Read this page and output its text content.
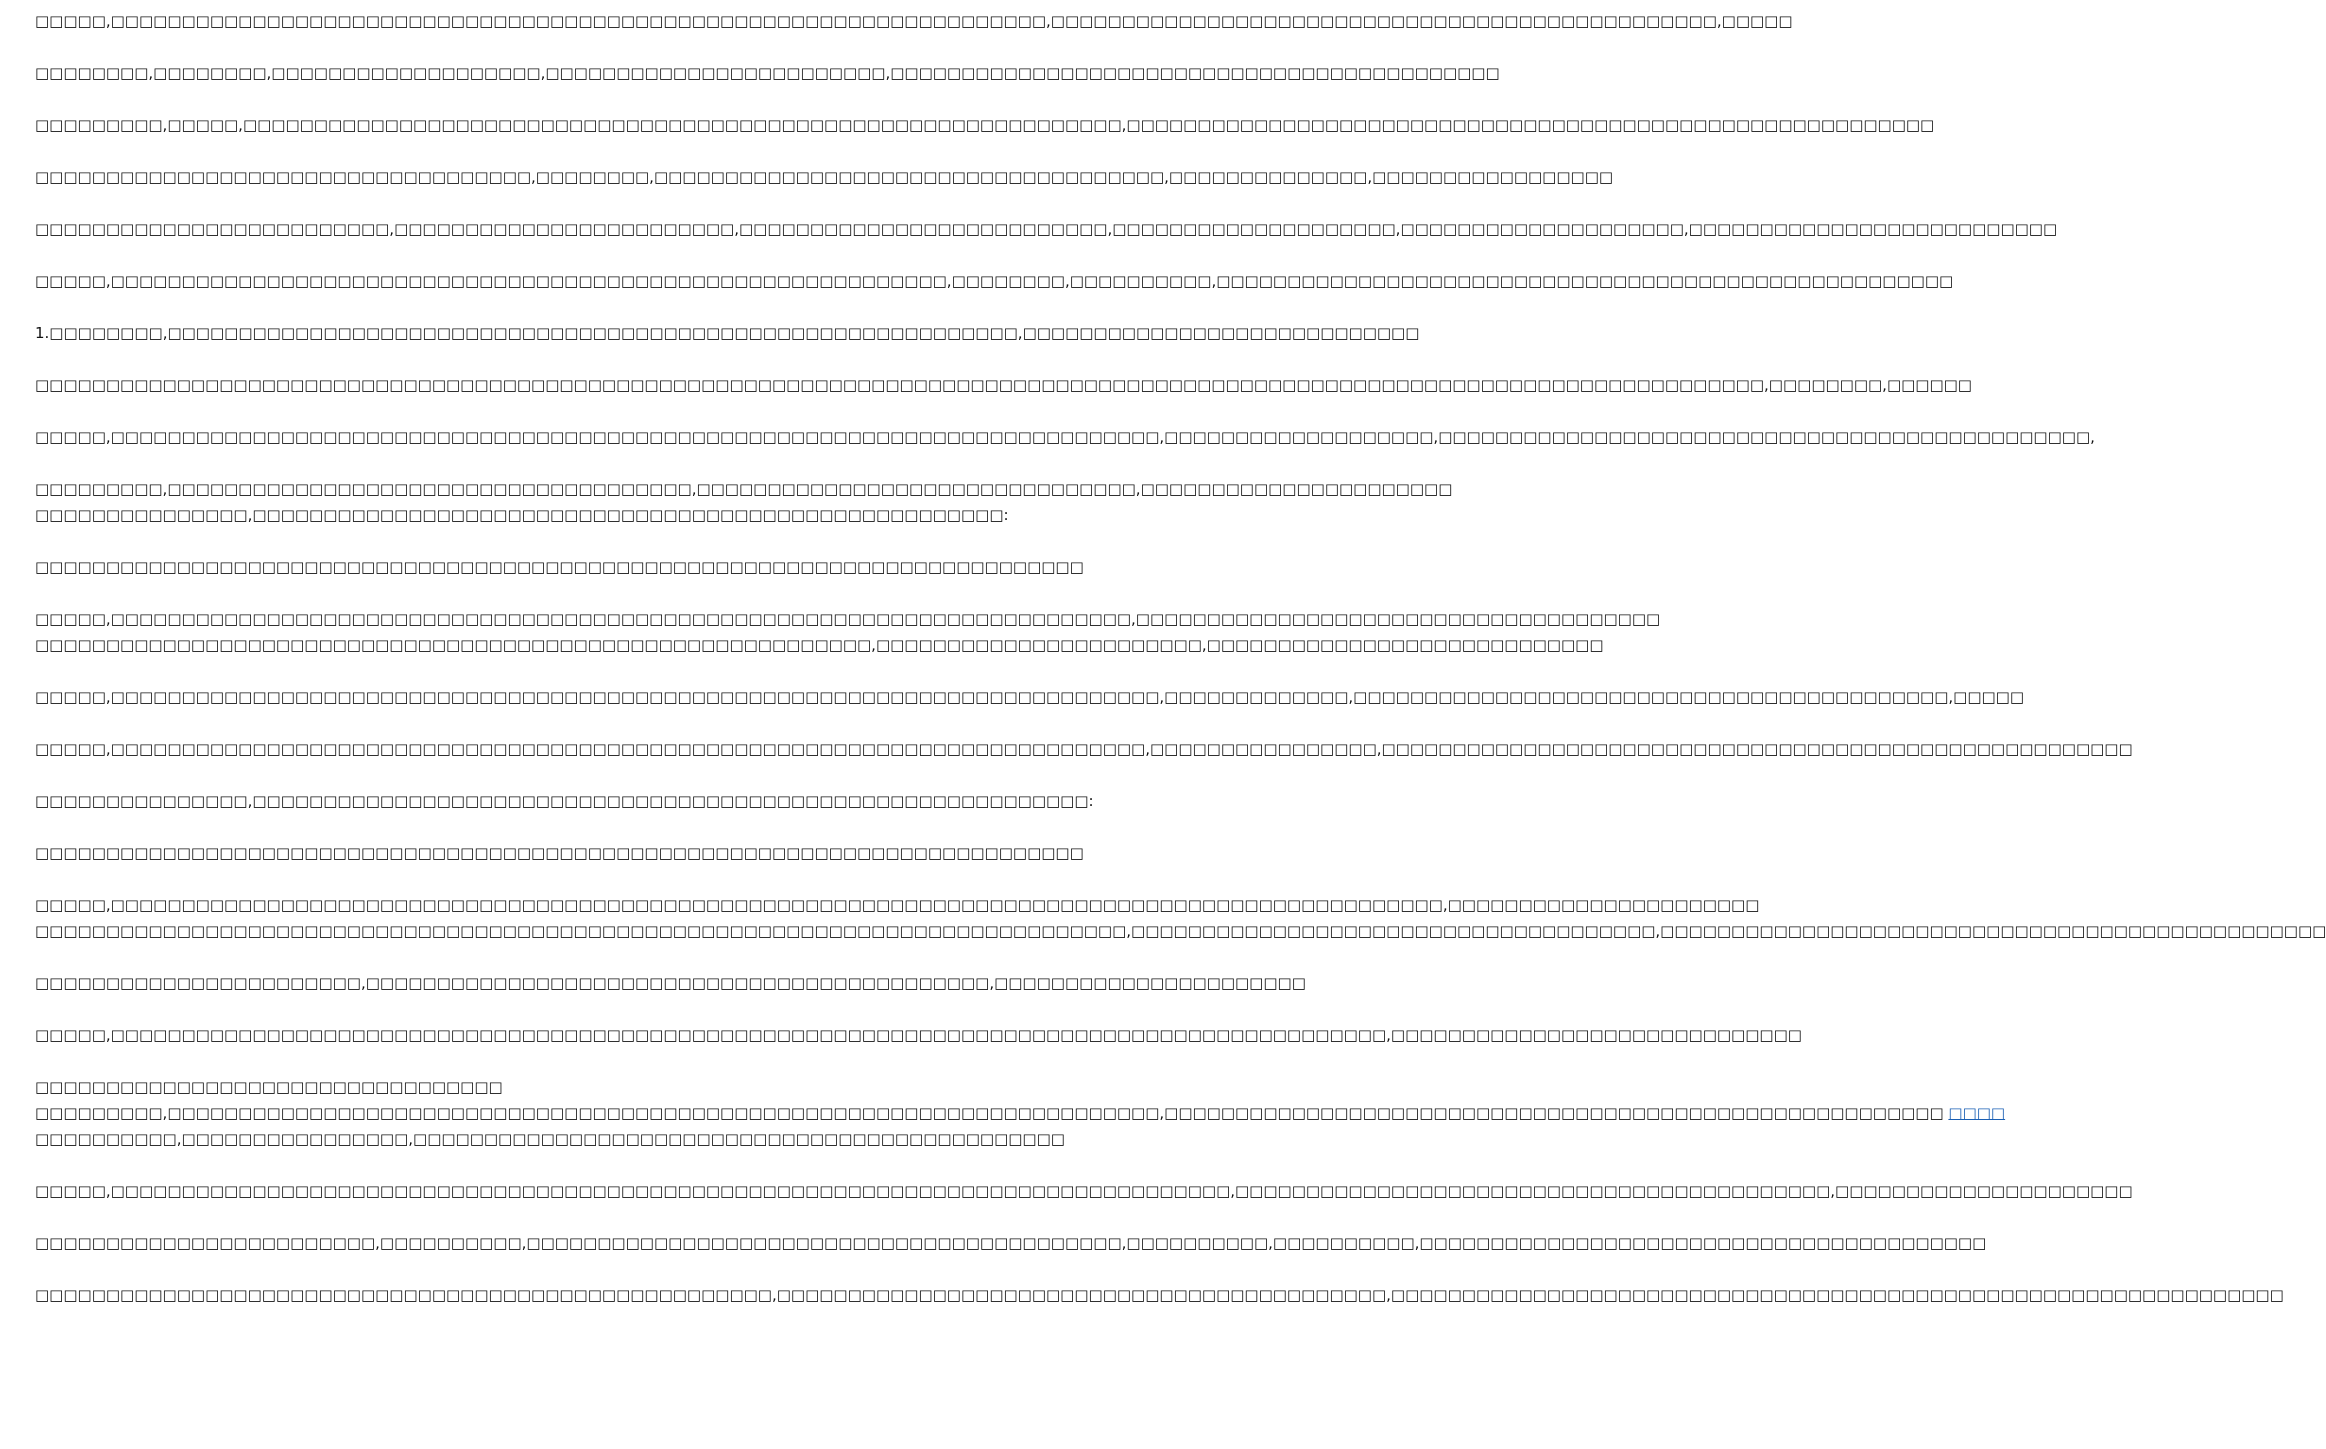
□□□□□,□□□□□□□□□□□□□□□□□□□□□□□□□□□□□□□□□□□□□□□□□□□□□□□□□□□□□□□□□□□□□□□□□□,□□□□□□□□□□□□□□□□□□□□□□□□□□□□□□□□□□□□□□□□□□□□□□□,□□□□□

□□□□□□□□,□□□□□□□□,□□□□□□□□□□□□□□□□□□□,□□□□□□□□□□□□□□□□□□□□□□□□,□□□□□□□□□□□□□□□□□□□□□□□□□□□□□□□□□□□□□□□□□□□

□□□□□□□□□,□□□□□,□□□□□□□□□□□□□□□□□□□□□□□□□□□□□□□□□□□□□□□□□□□□□□□□□□□□□□□□□□□□□□,□□□□□□□□□□□□□□□□□□□□□□□□□□□□□□□□□□□□□□□□□□□□□□□□□□□□□□□□□

□□□□□□□□□□□□□□□□□□□□□□□□□□□□□□□□□□□,□□□□□□□□,□□□□□□□□□□□□□□□□□□□□□□□□□□□□□□□□□□□□,□□□□□□□□□□□□□□,□□□□□□□□□□□□□□□□□

□□□□□□□□□□□□□□□□□□□□□□□□□,□□□□□□□□□□□□□□□□□□□□□□□□,□□□□□□□□□□□□□□□□□□□□□□□□□□,□□□□□□□□□□□□□□□□□□□□,□□□□□□□□□□□□□□□□□□□□,□□□□□□□□□□□□□□□□□□□□□□□□□□

□□□□□,□□□□□□□□□□□□□□□□□□□□□□□□□□□□□□□□□□□□□□□□□□□□□□□□□□□□□□□□□□□,□□□□□□□□,□□□□□□□□□□,□□□□□□□□□□□□□□□□□□□□□□□□□□□□□□□□□□□□□□□□□□□□□□□□□□□□

1.□□□□□□□□,□□□□□□□□□□□□□□□□□□□□□□□□□□□□□□□□□□□□□□□□□□□□□□□□□□□□□□□□□□□□,□□□□□□□□□□□□□□□□□□□□□□□□□□□□

□□□□□□□□□□□□□□□□□□□□□□□□□□□□□□□□□□□□□□□□□□□□□□□□□□□□□□□□□□□□□□□□□□□□□□□□□□□□□□□□□□□□□□□□□□□□□□□□□□□□□□□□□□□□□□□□□□□□□□□□□□,□□□□□□□□,□□□□□□

□□□□□,□□□□□□□□□□□□□□□□□□□□□□□□□□□□□□□□□□□□□□□□□□□□□□□□□□□□□□□□□□□□□□□□□□□□□□□□□□,□□□□□□□□□□□□□□□□□□□,□□□□□□□□□□□□□□□□□□□□□□□□□□□□□□□□□□□□□□□□□□□□□□,

□□□□□□□□□,□□□□□□□□□□□□□□□□□□□□□□□□□□□□□□□□□□□□□,□□□□□□□□□□□□□□□□□□□□□□□□□□□□□□□,□□□□□□□□□□□□□□□□□□□□□□
□□□□□□□□□□□□□□□,□□□□□□□□□□□□□□□□□□□□□□□□□□□□□□□□□□□□□□□□□□□□□□□□□□□□□:

□□□□□□□□□□□□□□□□□□□□□□□□□□□□□□□□□□□□□□□□□□□□□□□□□□□□□□□□□□□□□□□□□□□□□□□□□□

□□□□□,□□□□□□□□□□□□□□□□□□□□□□□□□□□□□□□□□□□□□□□□□□□□□□□□□□□□□□□□□□□□□□□□□□□□□□□□,□□□□□□□□□□□□□□□□□□□□□□□□□□□□□□□□□□□□□
□□□□□□□□□□□□□□□□□□□□□□□□□□□□□□□□□□□□□□□□□□□□□□□□□□□□□□□□□□□,□□□□□□□□□□□□□□□□□□□□□□□,□□□□□□□□□□□□□□□□□□□□□□□□□□□□

□□□□□,□□□□□□□□□□□□□□□□□□□□□□□□□□□□□□□□□□□□□□□□□□□□□□□□□□□□□□□□□□□□□□□□□□□□□□□□□□,□□□□□□□□□□□□□,□□□□□□□□□□□□□□□□□□□□□□□□□□□□□□□□□□□□□□□□□□,□□□□□

□□□□□,□□□□□□□□□□□□□□□□□□□□□□□□□□□□□□□□□□□□□□□□□□□□□□□□□□□□□□□□□□□□□□□□□□□□□□□□□,□□□□□□□□□□□□□□□□,□□□□□□□□□□□□□□□□□□□□□□□□□□□□□□□□□□□□□□□□□□□□□□□□□□□□□

□□□□□□□□□□□□□□□,□□□□□□□□□□□□□□□□□□□□□□□□□□□□□□□□□□□□□□□□□□□□□□□□□□□□□□□□□□□:

□□□□□□□□□□□□□□□□□□□□□□□□□□□□□□□□□□□□□□□□□□□□□□□□□□□□□□□□□□□□□□□□□□□□□□□□□□

□□□□□,□□□□□□□□□□□□□□□□□□□□□□□□□□□□□□□□□□□□□□□□□□□□□□□□□□□□□□□□□□□□□□□□□□□□□□□□□□□□□□□□□□□□□□□□□□□□□□,□□□□□□□□□□□□□□□□□□□□□□
□□□□□□□□□□□□□□□□□□□□□□□□□□□□□□□□□□□□□□□□□□□□□□□□□□□□□□□□□□□□□□□□□□□□□□□□□□□□□,□□□□□□□□□□□□□□□□□□□□□□□□□□□□□□□□□□□□□,□□□□□□□□□□□□□□□□□□□□□□□□□□□□□□□□□□□□□□□□□□□□□□□

□□□□□□□□□□□□□□□□□□□□□□□,□□□□□□□□□□□□□□□□□□□□□□□□□□□□□□□□□□□□□□□□□□□□,□□□□□□□□□□□□□□□□□□□□□□

□□□□□,□□□□□□□□□□□□□□□□□□□□□□□□□□□□□□□□□□□□□□□□□□□□□□□□□□□□□□□□□□□□□□□□□□□□□□□□□□□□□□□□□□□□□□□□□□,□□□□□□□□□□□□□□□□□□□□□□□□□□□□□

□□□□□□□□□□□□□□□□□□□□□□□□□□□□□□□□□
□□□□□□□□□,□□□□□□□□□□□□□□□□□□□□□□□□□□□□□□□□□□□□□□□□□□□□□□□□□□□□□□□□□□□□□□□□□□□□□□,□□□□□□□□□□□□□□□□□□□□□□□□□□□□□□□□□□□□□□□□□□□□□□□□□□□□□□□ □□□□
□□□□□□□□□□,□□□□□□□□□□□□□□□□,□□□□□□□□□□□□□□□□□□□□□□□□□□□□□□□□□□□□□□□□□□□□□□

□□□□□,□□□□□□□□□□□□□□□□□□□□□□□□□□□□□□□□□□□□□□□□□□□□□□□□□□□□□□□□□□□□□□□□□□□□□□□□□□□□□□□,□□□□□□□□□□□□□□□□□□□□□□□□□□□□□□□□□□□□□□□□□□,□□□□□□□□□□□□□□□□□□□□□

□□□□□□□□□□□□□□□□□□□□□□□□,□□□□□□□□□□,□□□□□□□□□□□□□□□□□□□□□□□□□□□□□□□□□□□□□□□□□□,□□□□□□□□□□,□□□□□□□□□□,□□□□□□□□□□□□□□□□□□□□□□□□□□□□□□□□□□□□□□□□

□□□□□□□□□□□□□□□□□□□□□□□□□□□□□□□□□□□□□□□□□□□□□□□□□□□□,□□□□□□□□□□□□□□□□□□□□□□□□□□□□□□□□□□□□□□□□□□□,□□□□□□□□□□□□□□□□□□□□□□□□□□□□□□□□□□□□□□□□□□□□□□□□□□□□□□□□□□□□□□□
